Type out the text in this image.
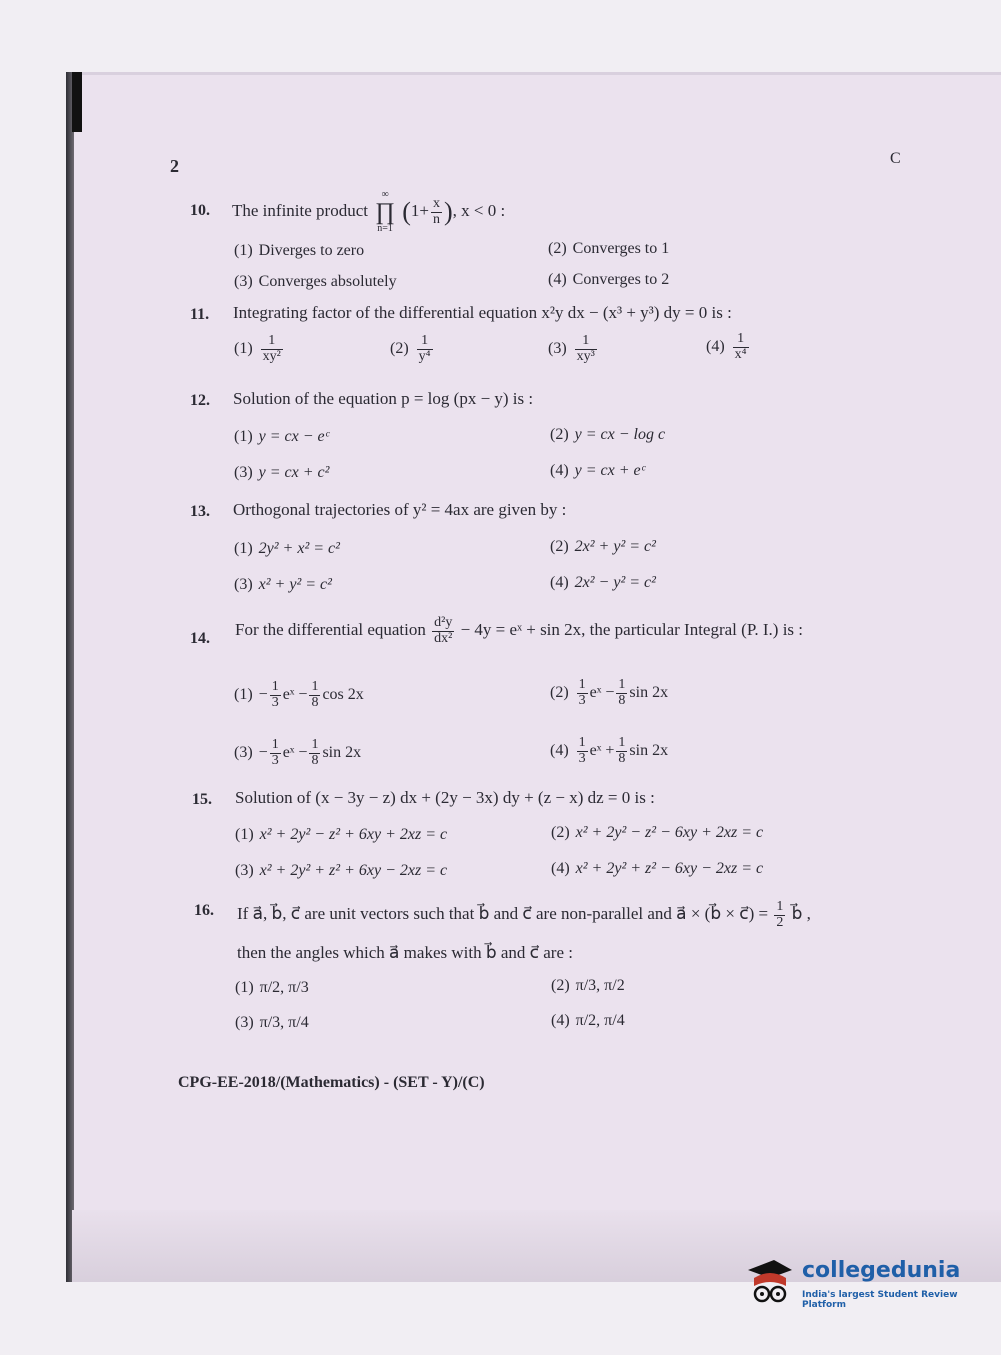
2	C
10. The infinite product ∞
∏
n=1 ($1+ \frac{x}{n}$ ), x < 0 :
(1) Diverges to zero	(2) Converges to 1
(3) Converges absolutely	(4) Converges to 2
11. Integrating factor of the differential equation x²y dx − (x³ + y³) dy = 0 is :
$(1) \frac{1}{\text{xy²}}$	$(2) \frac{1}{\text{y⁴}}$	$(3) \frac{1}{\text{xy³}}$	$(4) \frac{1}{\text{x⁴}}$
12. Solution of the equation p = log (px − y) is :
(1) y = cx − eᶜ	(2) y = cx − log c
(3) y = cx + c²	(4) y = cx + eᶜ
13. Orthogonal trajectories of y² = 4ax are given by :
(1) 2y² + x² = c²	(2) 2x² + y² = c²
(3) x² + y² = c²	(4) 2x² − y² = c²
14. For the differential equation $\frac{\text{d²y}}{\text{dx²}} - 4y$ = eˣ + sin 2x, the particular Integral (P. I.) is :
$(1) - \frac{1}{3}$ eˣ − $\frac{1}{8}$ cos 2x	$(2) \frac{1}{3}$ eˣ − $\frac{1}{8}$ sin 2x
$(3) - \frac{1}{3}$ eˣ − $\frac{1}{8}$ sin 2x	$(4) \frac{1}{3}$ eˣ + $\frac{1}{8}$ sin 2x
15. Solution of (x − 3y − z) dx + (2y − 3x) dy + (z − x) dz = 0 is :
(1) x² + 2y² − z² + 6xy + 2xz = c	(2) x² + 2y² − z² − 6xy + 2xz = c
(3) x² + 2y² + z² + 6xy − 2xz = c	(4) x² + 2y² + z² − 6xy − 2xz = c
16. If a⃗, b⃗, c⃗ are unit vectors such that b⃗ and c⃗ are non-parallel and a⃗ × (b⃗ × c⃗) = $\frac{1}{2}$ b⃗ ,
then the angles which a⃗ makes with b⃗ and c⃗ are :
(1) π/2, π/3	(2) π/3, π/2
(3) π/3, π/4	(4) π/2, π/4
CPG-EE-2018/(Mathematics) - (SET - Y)/(C)
collegedunia
India's largest Student Review Platform
